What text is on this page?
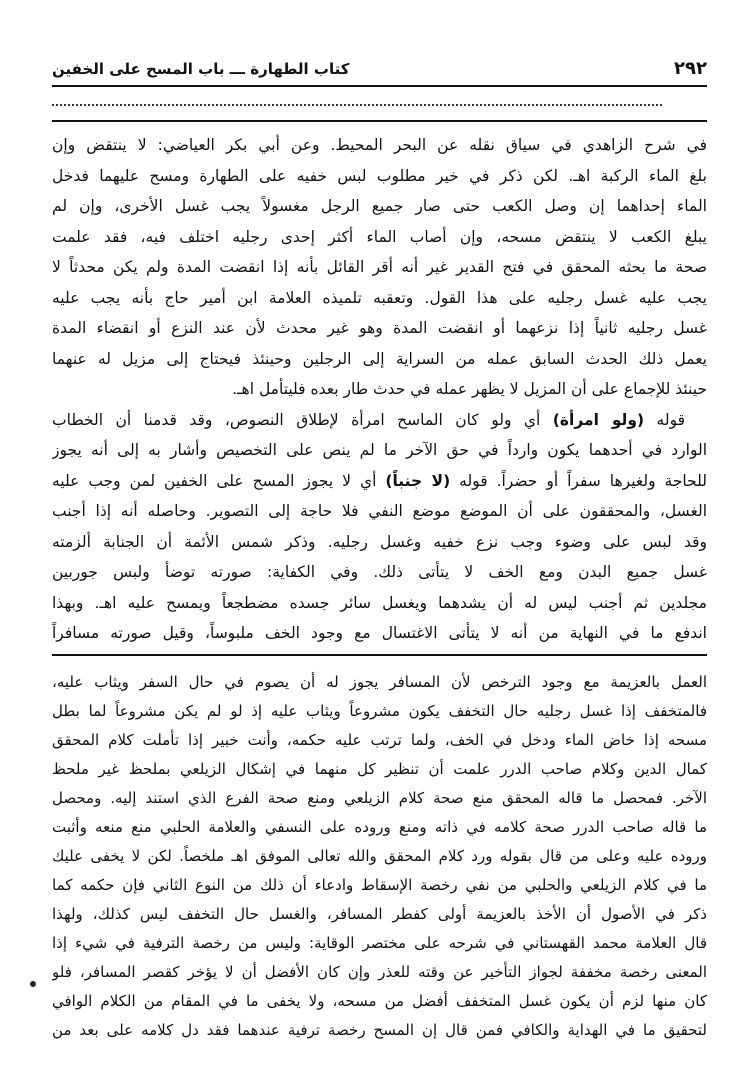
٢٩٢
كتاب الطهارة ـــ باب المسح على الخفين
في شرح الزاهدي في سياق نقله عن البحر المحيط. وعن أبي بكر العياضي: لا ينتقض وإن
بلغ الماء الركبة اهـ. لكن ذكر في خير مطلوب لبس خفيه على الطهارة ومسح عليهما فدخل
الماء إحداهما إن وصل الكعب حتى صار جميع الرجل مغسولاً يجب غسل الأخرى، وإن لم
يبلغ الكعب لا ينتقض مسحه، وإن أصاب الماء أكثر إحدى رجليه اختلف فيه، فقد علمت
صحة ما بحثه المحقق في فتح القدير غير أنه أقر القائل بأنه إذا انقضت المدة ولم يكن محدثاً لا
يجب عليه غسل رجليه على هذا القول. وتعقبه تلميذه العلامة ابن أمير حاج بأنه يجب عليه
غسل رجليه ثانياً إذا نزعهما أو انقضت المدة وهو غير محدث لأن عند النزع أو انقضاء المدة
يعمل ذلك الحدث السابق عمله من السراية إلى الرجلين وحينئذ فيحتاج إلى مزيل له عنهما
حينئذ للإجماع على أن المزيل لا يظهر عمله في حدث طار بعده فليتأمل اهـ.
قوله (ولو امرأة) أي ولو كان الماسح امرأة لإطلاق النصوص، وقد قدمنا أن الخطاب
الوارد في أحدهما يكون وارداً في حق الآخر ما لم ينص على التخصيص وأشار به إلى أنه يجوز
للحاجة ولغيرها سفراً أو حضراً. قوله (لا جنباً) أي لا يجوز المسح على الخفين لمن وجب عليه
الغسل، والمحققون على أن الموضع موضع النفي فلا حاجة إلى التصوير. وحاصله أنه إذا أجنب
وقد لبس على وضوء وجب نزع خفيه وغسل رجليه. وذكر شمس الأئمة أن الجنابة ألزمته
غسل جميع البدن ومع الخف لا يتأتى ذلك. وفي الكفاية: صورته توضأ ولبس جوربين
مجلدين ثم أجنب ليس له أن يشدهما ويغسل سائر جسده مضطجعاً ويمسح عليه اهـ. وبهذا
اندفع ما في النهاية من أنه لا يتأتى الاغتسال مع وجود الخف ملبوساً، وقيل صورته مسافراً
العمل بالعزيمة مع وجود الترخص لأن المسافر يجوز له أن يصوم في حال السفر ويثاب عليه،
فالمتخفف إذا غسل رجليه حال التخفف يكون مشروعاً ويثاب عليه إذ لو لم يكن مشروعاً لما بطل
مسحه إذا خاض الماء ودخل في الخف، ولما ترتب عليه حكمه، وأنت خبير إذا تأملت كلام المحقق
كمال الدين وكلام صاحب الدرر علمت أن تنظير كل منهما في إشكال الزيلعي بملحظ غير ملحظ
الآخر. فمحصل ما قاله المحقق منع صحة كلام الزيلعي ومنع صحة الفرع الذي استند إليه. ومحصل
ما قاله صاحب الدرر صحة كلامه في ذاته ومنع وروده على النسفي والعلامة الحلبي منع منعه وأثبت
وروده عليه وعلى من قال بقوله ورد كلام المحقق والله تعالى الموفق اهـ ملخصاً. لكن لا يخفى عليك
ما في كلام الزيلعي والحلبي من نفي رخصة الإسقاط وادعاء أن ذلك من النوع الثاني فإن حكمه كما
ذكر في الأصول أن الأخذ بالعزيمة أولى كفطر المسافر، والغسل حال التخفف ليس كذلك، ولهذا
قال العلامة محمد القهستاني في شرحه على مختصر الوقاية: وليس من رخصة الترفية في شيء إذا
المعنى رخصة مخففة لجواز التأخير عن وقته للعذر وإن كان الأفضل أن لا يؤخر كقصر المسافر، فلو
كان منها لزم أن يكون غسل المتخفف أفضل من مسحه، ولا يخفى ما في المقام من الكلام الوافي
لتحقيق ما في الهداية والكافي فمن قال إن المسح رخصة ترفية عندهما فقد دل كلامه على بعد من
